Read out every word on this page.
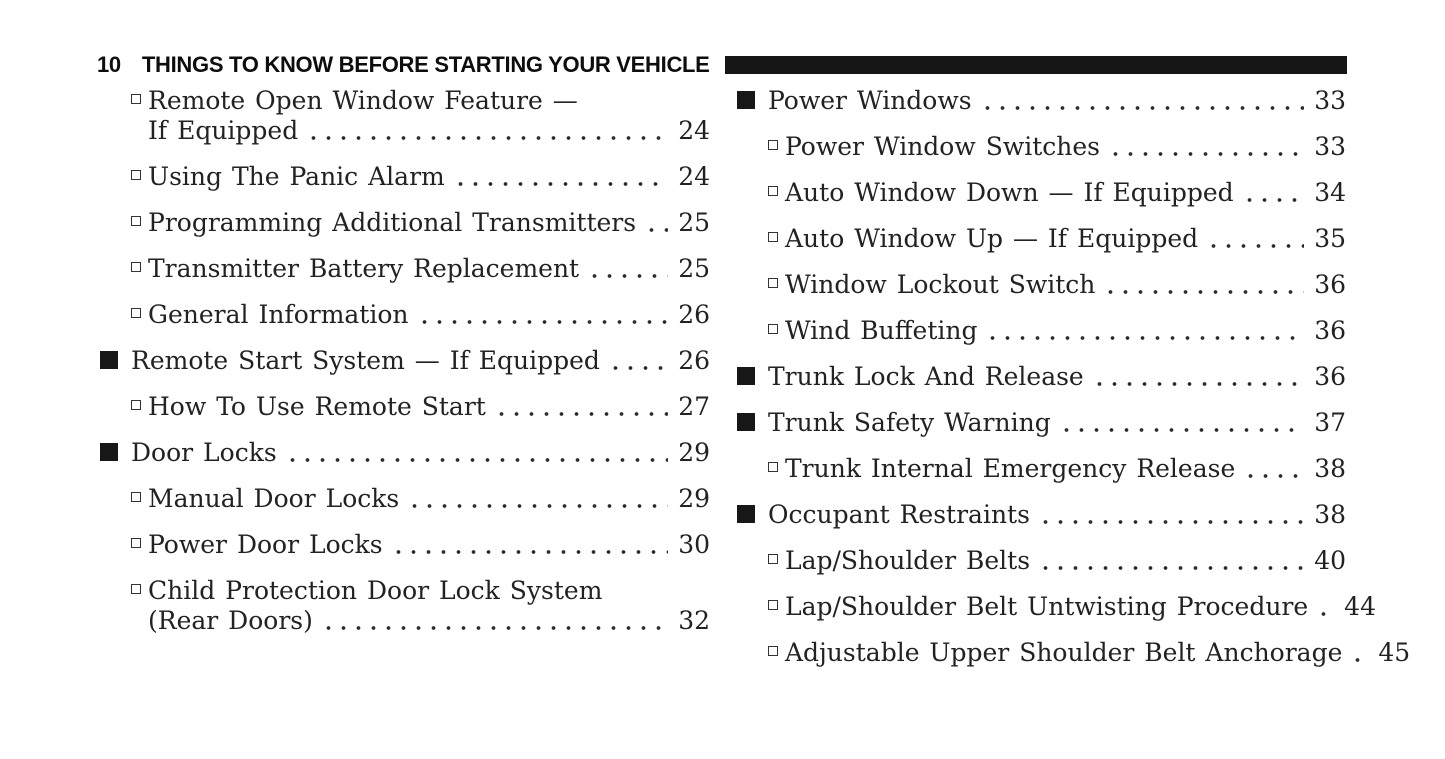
10 THINGS TO KNOW BEFORE STARTING YOUR VEHICLE
Remote Open Window Feature —
If Equipped	24
Using The Panic Alarm	24
Programming Additional Transmitters 25
Transmitter Battery Replacement	25
General Information	26
Remote Start System — If Equipped	26
How To Use Remote Start	27
Door Locks	29
Manual Door Locks	29
Power Door Locks	30
Child Protection Door Lock System
(Rear Doors)	32
Power Windows	33
Power Window Switches	33
Auto Window Down — If Equipped	34
Auto Window Up — If Equipped	35
Window Lockout Switch	36
Wind Buffeting	36
Trunk Lock And Release	36
Trunk Safety Warning	37
Trunk Internal Emergency Release	38
Occupant Restraints	38
Lap/Shoulder Belts	40
Lap/Shoulder Belt Untwisting Procedure 44
Adjustable Upper Shoulder Belt Anchorage 45
